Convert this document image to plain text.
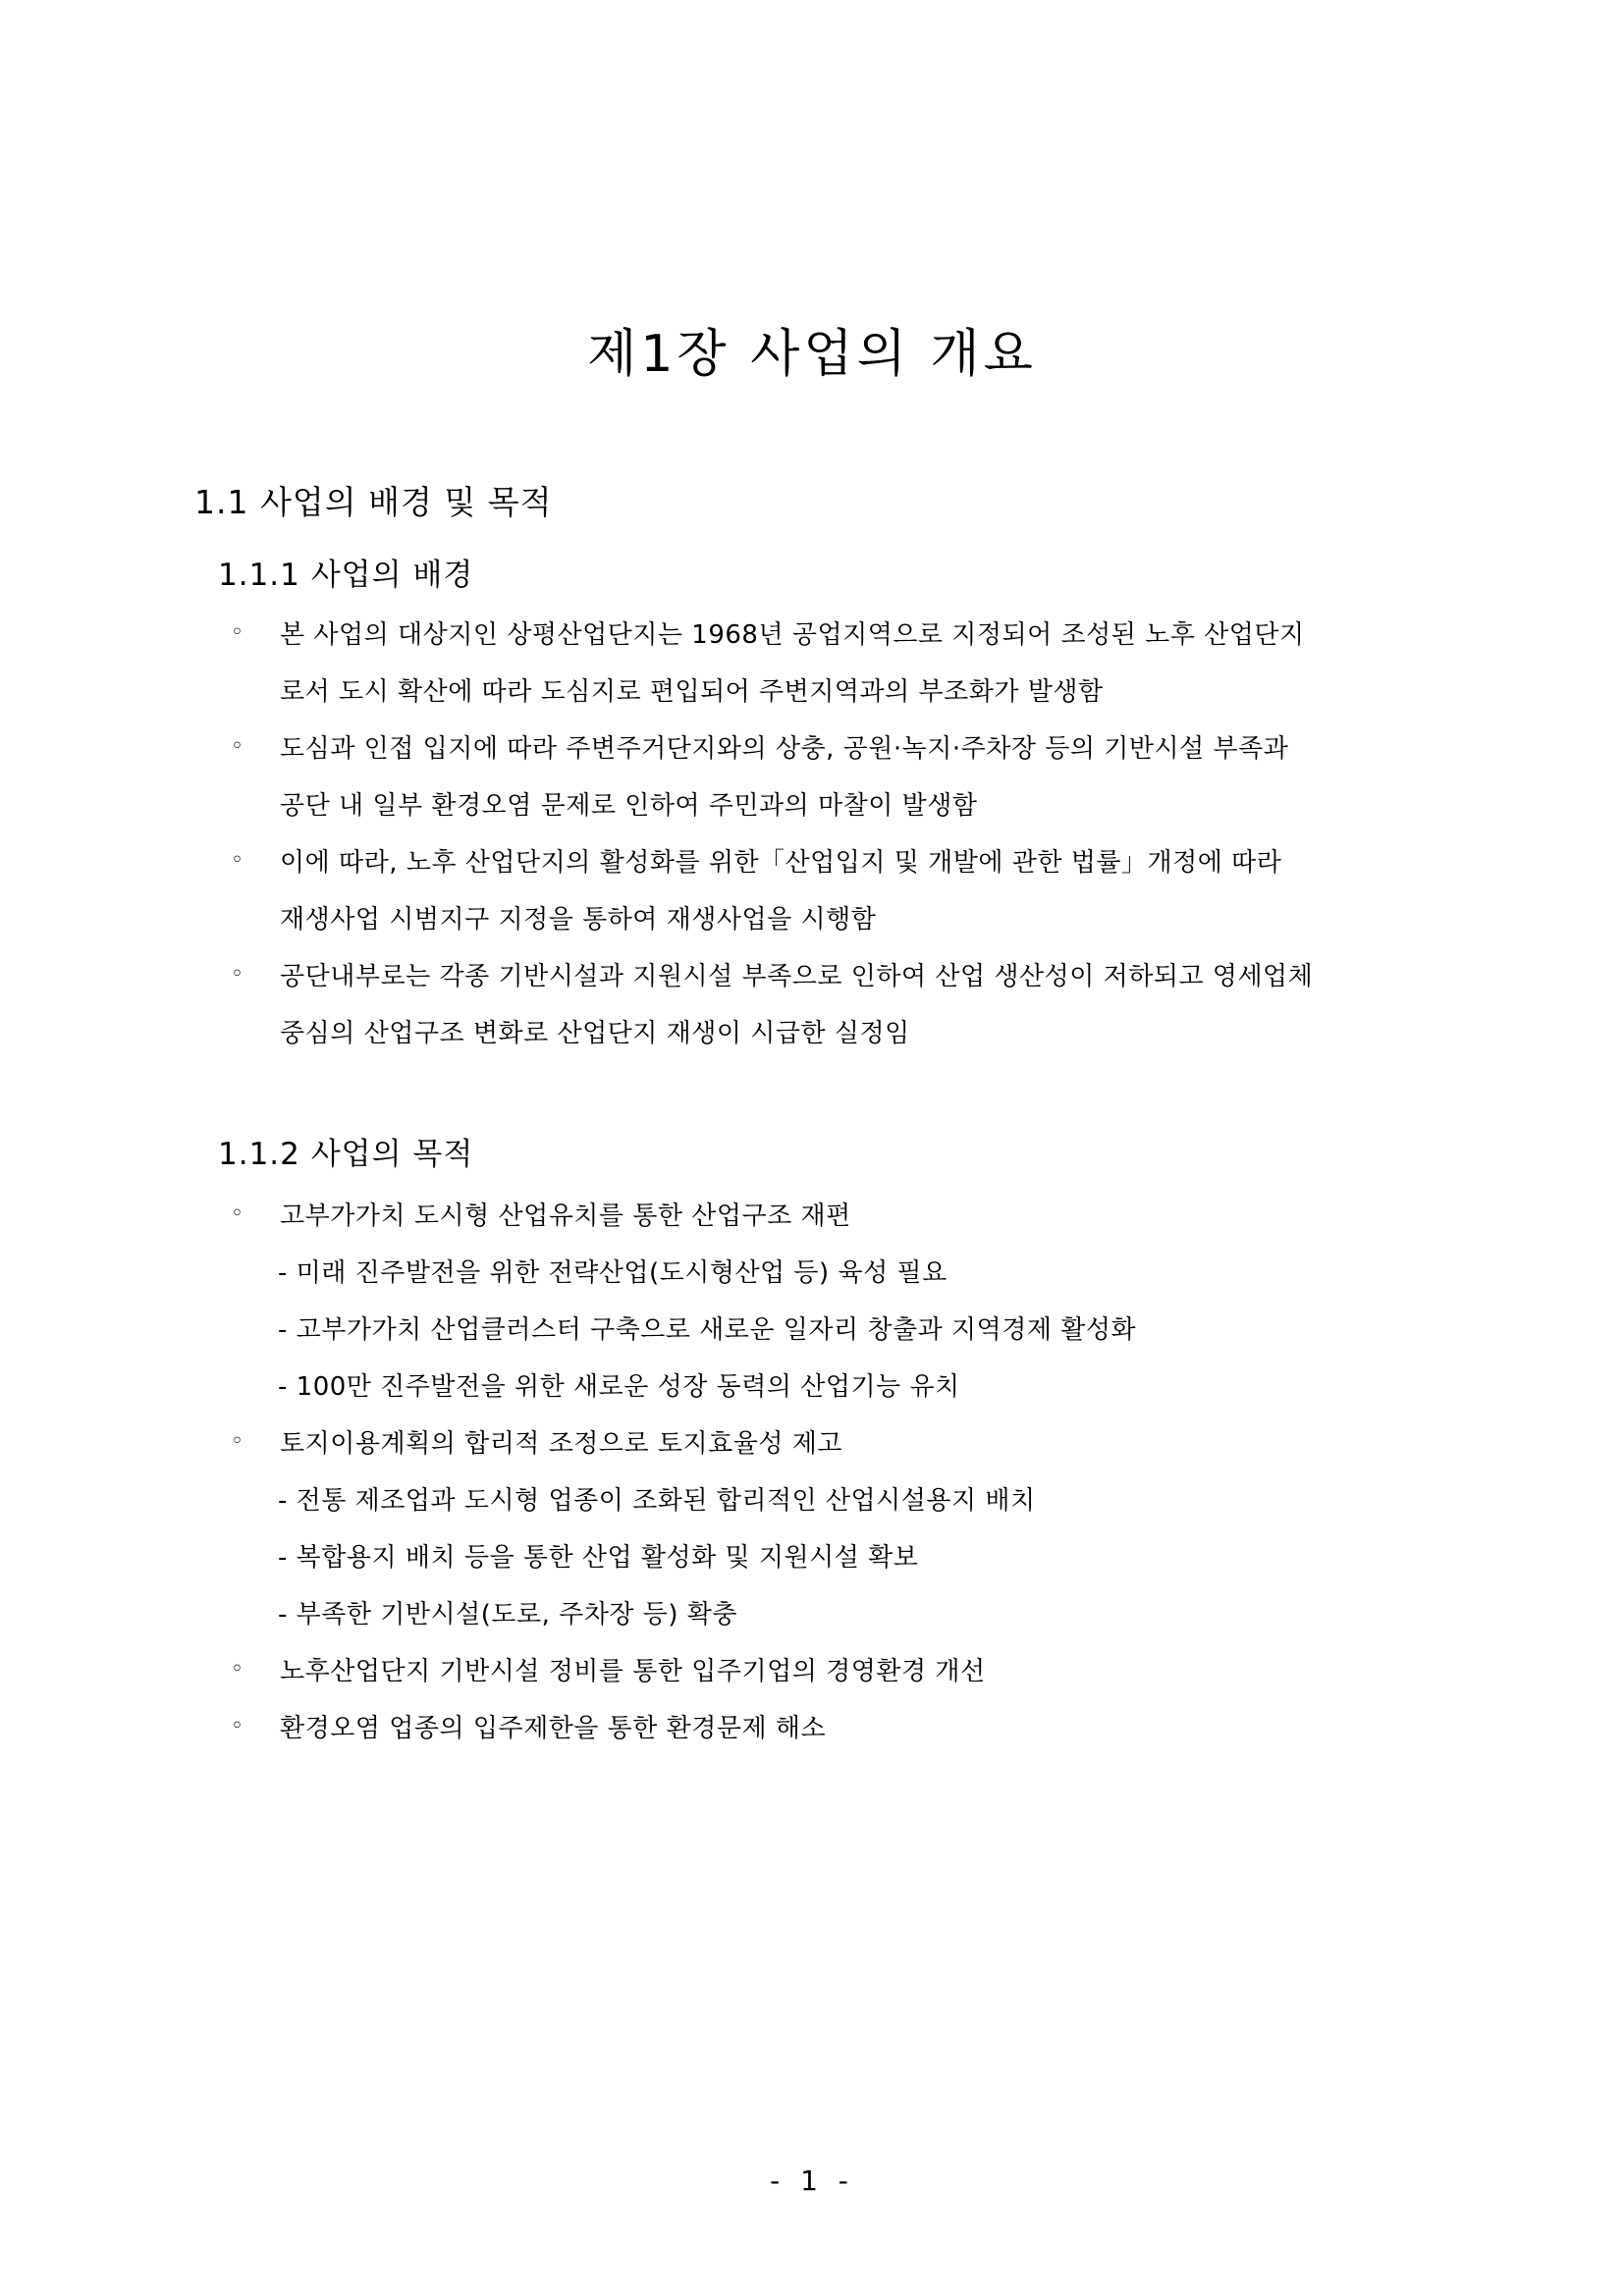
제1장 사업의 개요
1.1 사업의 배경 및 목적
1.1.1 사업의 배경
◦ 본 사업의 대상지인 상평산업단지는 1968년 공업지역으로 지정되어 조성된 노후 산업단지
로서 도시 확산에 따라 도심지로 편입되어 주변지역과의 부조화가 발생함
◦ 도심과 인접 입지에 따라 주변주거단지와의 상충, 공원·녹지·주차장 등의 기반시설 부족과
공단 내 일부 환경오염 문제로 인하여 주민과의 마찰이 발생함
◦ 이에 따라, 노후 산업단지의 활성화를 위한「산업입지 및 개발에 관한 법률」개정에 따라
재생사업 시범지구 지정을 통하여 재생사업을 시행함
◦ 공단내부로는 각종 기반시설과 지원시설 부족으로 인하여 산업 생산성이 저하되고 영세업체
중심의 산업구조 변화로 산업단지 재생이 시급한 실정임
1.1.2 사업의 목적
◦ 고부가가치 도시형 산업유치를 통한 산업구조 재편
- 미래 진주발전을 위한 전략산업(도시형산업 등) 육성 필요
- 고부가가치 산업클러스터 구축으로 새로운 일자리 창출과 지역경제 활성화
- 100만 진주발전을 위한 새로운 성장 동력의 산업기능 유치
◦ 토지이용계획의 합리적 조정으로 토지효율성 제고
- 전통 제조업과 도시형 업종이 조화된 합리적인 산업시설용지 배치
- 복합용지 배치 등을 통한 산업 활성화 및 지원시설 확보
- 부족한 기반시설(도로, 주차장 등) 확충
◦ 노후산업단지 기반시설 정비를 통한 입주기업의 경영환경 개선
◦ 환경오염 업종의 입주제한을 통한 환경문제 해소
- 1 -
